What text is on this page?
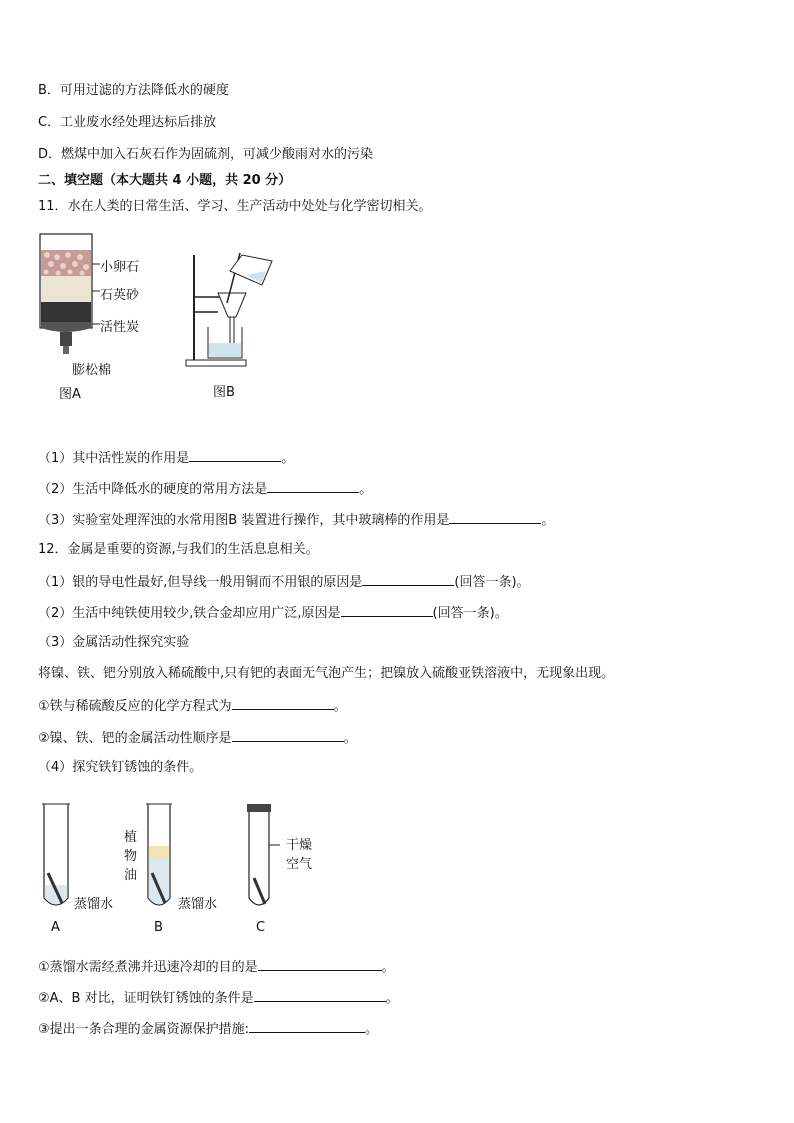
B．可用过滤的方法降低水的硬度
C．工业废水经处理达标后排放
D．燃煤中加入石灰石作为固硫剂，可减少酸雨对水的污染
二、填空题（本大题共 4 小题，共 20 分）
11．水在人类的日常生活、学习、生产活动中处处与化学密切相关。
小卵石
石英砂
活性炭
膨松棉
图A	图B
（1）其中活性炭的作用是	。
（2）生活中降低水的硬度的常用方法是	。
（3）实验室处理浑浊的水常用图B 装置进行操作，其中玻璃棒的作用是	。
12．金属是重要的资源,与我们的生活息息相关。
（1）银的导电性最好,但导线一般用铜而不用银的原因是	(回答一条)。
（2）生活中纯铁使用较少,铁合金却应用广泛,原因是	(回答一条)。
（3）金属活动性探究实验
将镍、铁、钯分别放入稀硫酸中,只有钯的表面无气泡产生；把镍放入硫酸亚铁溶液中，无现象出现。
①铁与稀硫酸反应的化学方程式为	。
②镍、铁、钯的金属活动性顺序是	。
（4）探究铁钉锈蚀的条件。
蒸馏水
A
植
物
油
蒸馏水
B
干燥
空气
C
①蒸馏水需经煮沸并迅速冷却的目的是	。
②A、B 对比，证明铁钉锈蚀的条件是	。
③提出一条合理的金属资源保护措施:	。
